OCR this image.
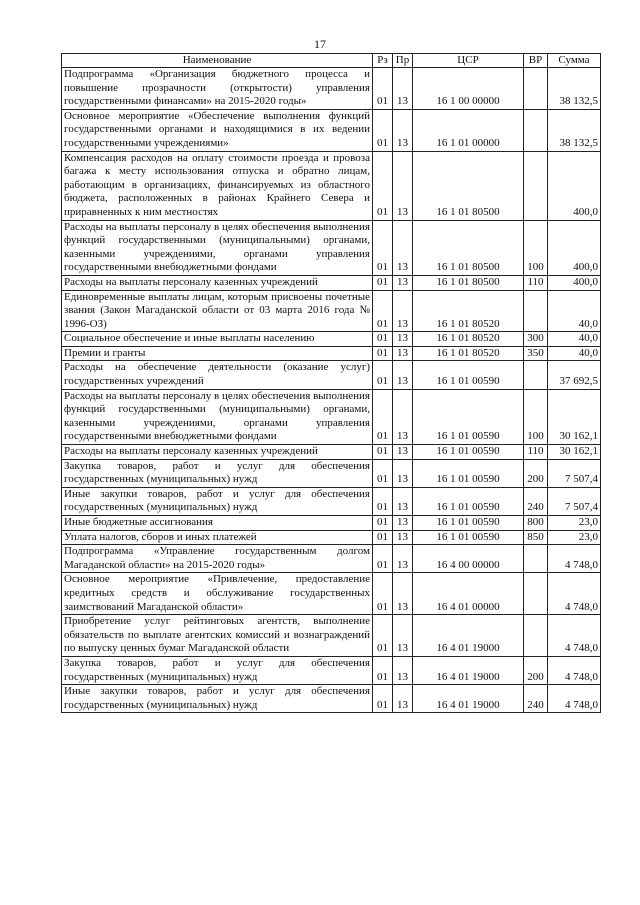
17
Наименование	Рз	Пр	ЦСР	ВР	Сумма
Подпрограмма «Организация бюджетного процесса и повышение прозрачности (открытости) управления государственными финансами» на 2015-2020 годы»	01	13	16 1 00 00000		38 132,5
Основное мероприятие «Обеспечение выполнения функций государственными органами и находящимися в их ведении государственными учреждениями»	01	13	16 1 01 00000		38 132,5
Компенсация расходов на оплату стоимости проезда и провоза багажа к месту использования отпуска и обратно лицам, работающим в организациях, финансируемых из областного бюджета, расположенных в районах Крайнего Севера и приравненных к ним местностях	01	13	16 1 01 80500		400,0
Расходы на выплаты персоналу в целях обеспечения выполнения функций государственными (муниципальными) органами, казенными учреждениями, органами управления государственными внебюджетными фондами	01	13	16 1 01 80500	100	400,0
Расходы на выплаты персоналу казенных учреждений	01	13	16 1 01 80500	110	400,0
Единовременные выплаты лицам, которым присвоены почетные звания (Закон Магаданской области от 03 марта 2016 года № 1996-ОЗ)	01	13	16 1 01 80520		40,0
Социальное обеспечение и иные выплаты населению	01	13	16 1 01 80520	300	40,0
Премии и гранты	01	13	16 1 01 80520	350	40,0
Расходы на обеспечение деятельности (оказание услуг) государственных учреждений	01	13	16 1 01 00590		37 692,5
Расходы на выплаты персоналу в целях обеспечения выполнения функций государственными (муниципальными) органами, казенными учреждениями, органами управления государственными внебюджетными фондами	01	13	16 1 01 00590	100	30 162,1
Расходы на выплаты персоналу казенных учреждений	01	13	16 1 01 00590	110	30 162,1
Закупка товаров, работ и услуг для обеспечения государственных (муниципальных) нужд	01	13	16 1 01 00590	200	7 507,4
Иные закупки товаров, работ и услуг для обеспечения государственных (муниципальных) нужд	01	13	16 1 01 00590	240	7 507,4
Иные бюджетные ассигнования	01	13	16 1 01 00590	800	23,0
Уплата налогов, сборов и иных платежей	01	13	16 1 01 00590	850	23,0
Подпрограмма «Управление государственным долгом Магаданской области» на 2015-2020 годы»	01	13	16 4 00 00000		4 748,0
Основное мероприятие «Привлечение, предоставление кредитных средств и обслуживание государственных заимствований Магаданской области»	01	13	16 4 01 00000		4 748,0
Приобретение услуг рейтинговых агентств, выполнение обязательств по выплате агентских комиссий и вознаграждений по выпуску ценных бумаг Магаданской области	01	13	16 4 01 19000		4 748,0
Закупка товаров, работ и услуг для обеспечения государственных (муниципальных) нужд	01	13	16 4 01 19000	200	4 748,0
Иные закупки товаров, работ и услуг для обеспечения государственных (муниципальных) нужд	01	13	16 4 01 19000	240	4 748,0
